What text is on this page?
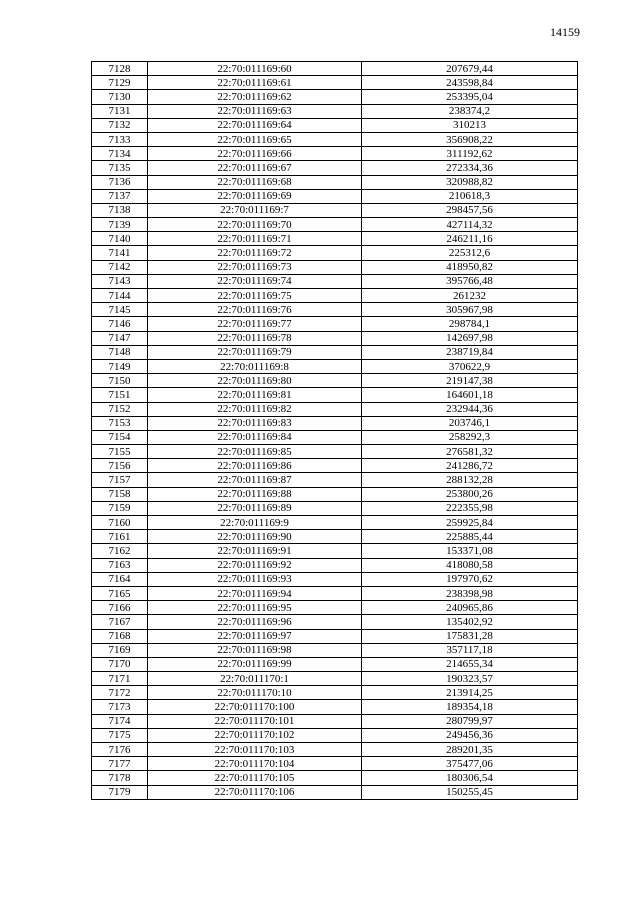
14159
7128	22:70:011169:60	207679,44
7129	22:70:011169:61	243598,84
7130	22:70:011169:62	253395,04
7131	22:70:011169:63	238374,2
7132	22:70:011169:64	310213
7133	22:70:011169:65	356908,22
7134	22:70:011169:66	311192,62
7135	22:70:011169:67	272334,36
7136	22:70:011169:68	320988,82
7137	22:70:011169:69	210618,3
7138	22:70:011169:7	298457,56
7139	22:70:011169:70	427114,32
7140	22:70:011169:71	246211,16
7141	22:70:011169:72	225312,6
7142	22:70:011169:73	418950,82
7143	22:70:011169:74	395766,48
7144	22:70:011169:75	261232
7145	22:70:011169:76	305967,98
7146	22:70:011169:77	298784,1
7147	22:70:011169:78	142697,98
7148	22:70:011169:79	238719,84
7149	22:70:011169:8	370622,9
7150	22:70:011169:80	219147,38
7151	22:70:011169:81	164601,18
7152	22:70:011169:82	232944,36
7153	22:70:011169:83	203746,1
7154	22:70:011169:84	258292,3
7155	22:70:011169:85	276581,32
7156	22:70:011169:86	241286,72
7157	22:70:011169:87	288132,28
7158	22:70:011169:88	253800,26
7159	22:70:011169:89	222355,98
7160	22:70:011169:9	259925,84
7161	22:70:011169:90	225885,44
7162	22:70:011169:91	153371,08
7163	22:70:011169:92	418080,58
7164	22:70:011169:93	197970,62
7165	22:70:011169:94	238398,98
7166	22:70:011169:95	240965,86
7167	22:70:011169:96	135402,92
7168	22:70:011169:97	175831,28
7169	22:70:011169:98	357117,18
7170	22:70:011169:99	214655,34
7171	22:70:011170:1	190323,57
7172	22:70:011170:10	213914,25
7173	22:70:011170:100	189354,18
7174	22:70:011170:101	280799,97
7175	22:70:011170:102	249456,36
7176	22:70:011170:103	289201,35
7177	22:70:011170:104	375477,06
7178	22:70:011170:105	180306,54
7179	22:70:011170:106	150255,45
